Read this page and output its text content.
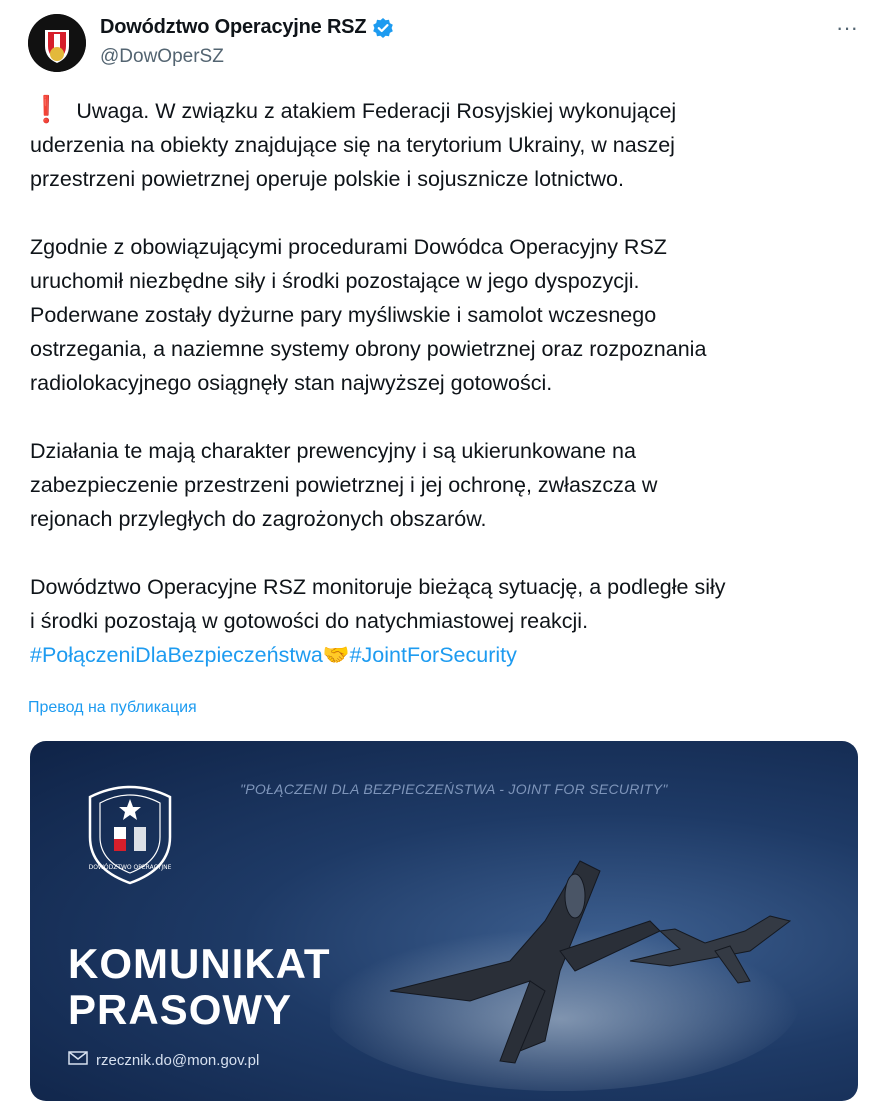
Dowództwo Operacyjne RSZ
@DowOperSZ
···

❗ Uwaga. W związku z atakiem Federacji Rosyjskiej wykonującej
uderzenia na obiekty znajdujące się na terytorium Ukrainy, w naszej
przestrzeni powietrznej operuje polskie i sojusznicze lotnictwo.

Zgodnie z obowiązującymi procedurami Dowódca Operacyjny RSZ
uruchomił niezbędne siły i środki pozostające w jego dyspozycji.
Poderwane zostały dyżurne pary myśliwskie i samolot wczesnego
ostrzegania, a naziemne systemy obrony powietrznej oraz rozpoznania
radiolokacyjnego osiągnęły stan najwyższej gotowości.

Działania te mają charakter prewencyjny i są ukierunkowane na
zabezpieczenie przestrzeni powietrznej i jej ochronę, zwłaszcza w
rejonach przyległych do zagrożonych obszarów.

Dowództwo Operacyjne RSZ monitoruje bieżącą sytuację, a podległe siły
i środki pozostają w gotowości do natychmiastowej reakcji.
#PołączeniDlaBezpieczeństwa🤝#JointForSecurity

Превод на публикация
DOWÓDZTWO OPERACYJNE
"POŁĄCZENI DLA BEZPIECZEŃSTWA - JOINT FOR SECURITY"
KOMUNIKAT
PRASOWY
rzecznik.do@mon.gov.pl
